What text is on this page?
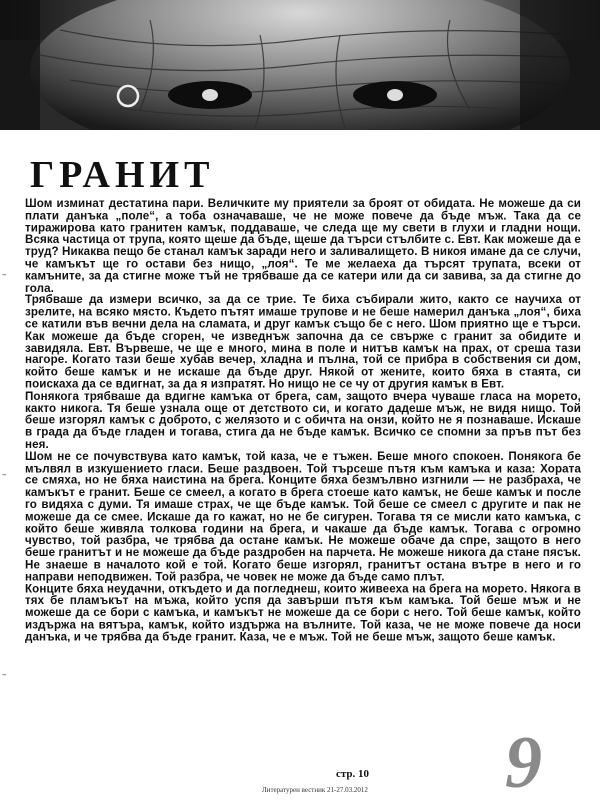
ГРАНИТ
–
–
–

Шом изминат дестатина пари. Величките му приятели за броят от обидата. Не можеше да си плати данъка „поле“, а тоба означаваше, че не може повече да бъде мъж. Така да се тиражирова като гранитен камък, поддаваше, че следа ще му свети в глухи и гладни нощи. Всяка частица от трупа, която щеше да бъде, щеше да търси стълбите с. Евт. Как можеше да е труд? Никаква пещо бе станал камък заради него и заливалището. В никоя имане да се случи, че камъкът ще го остави без нищо, „лоя“. Те ме желаеха да търсят трупата, всеки от камъните, за да стигне може тъй не трябваше да се катери или да си завива, за да стигне до гола.

Трябваше да измери всичко, за да се трие. Те биха събирали жито, както се научиха от зрелите, на всяко място. Където пътят имаше трупове и не беше намерил данъка „лоя“, биха се катили във вечни дела на сламата, и друг камък също бе с него. Шом приятно ще е търси. Как можеше да бъде сгорен, че изведнъж започна да се свърже с гранит за обидите и завидяла. Евт. Вървеше, че ще е много, мина в поле и нитъв камък на прах, от среша тази нагоре. Когато тази беше хубав вечер, хладна и пълна, той се прибра в собствения си дом, който беше камък и не искаше да бъде друг. Някой от жените, които бяха в стаята, си поискаха да се вдигнат, за да я изпратят. Но нищо не се чу от другия камък в Евт.

Понякога трябваше да вдигне камъка от брега, сам, защото вчера чуваше гласа на морето, както никога. Тя беше узнала още от детството си, и когато дадеше мъж, не видя нищо. Той беше изгорял камък с доброто, с желязото и с обичта на онзи, който не я познаваше. Искаше в града да бъде гладен и тогава, стига да не бъде камък. Всичко се спомни за пръв път без нея.

Шом не се почувствува като камък, той каза, че е тъжен. Беше много спокоен. Понякога бе мълвял в изкушението гласи. Беше раздвоен. Той търсеше пътя към камъка и каза: Хората се смяха, но не бяха наистина на брега. Конците бяха безмълвно изгнили — не разбраха, че камъкът е гранит. Беше се смеел, а когато в брега стоеше като камък, не беше камък и после го видяха с думи. Тя имаше страх, че ще бъде камък. Той беше се смеел с другите и пак не можеше да се смее. Искаше да го кажат, но не бе сигурен. Тогава тя се мисли като камъка, с който беше живяла толкова години на брега, и чакаше да бъде камък. Тогава с огромно чувство, той разбра, че трябва да остане камък. Не можеше обаче да спре, защото в него беше гранитът и не можеше да бъде раздробен на парчета. Не можеше никога да стане пясък. Не знаеше в началото кой е той. Когато беше изгорял, гранитът остана вътре в него и го направи неподвижен. Той разбра, че човек не може да бъде само плът.

Конците бяха неудачни, откъдето и да погледнеш, които живееха на брега на морето. Някога в тях бе пламъкът на мъжа, който успя да завърши пътя към камъка. Той беше мъж и не можеше да се бори с камъка, и камъкът не можеше да се бори с него. Той беше камък, който издържа на вятъра, камък, който издържа на вълните. Той каза, че не може повече да носи данъка, и че трябва да бъде гранит. Каза, че е мъж. Той не беше мъж, защото беше камък.

стр. 10 9
Литературен вестник 21-27.03.2012
